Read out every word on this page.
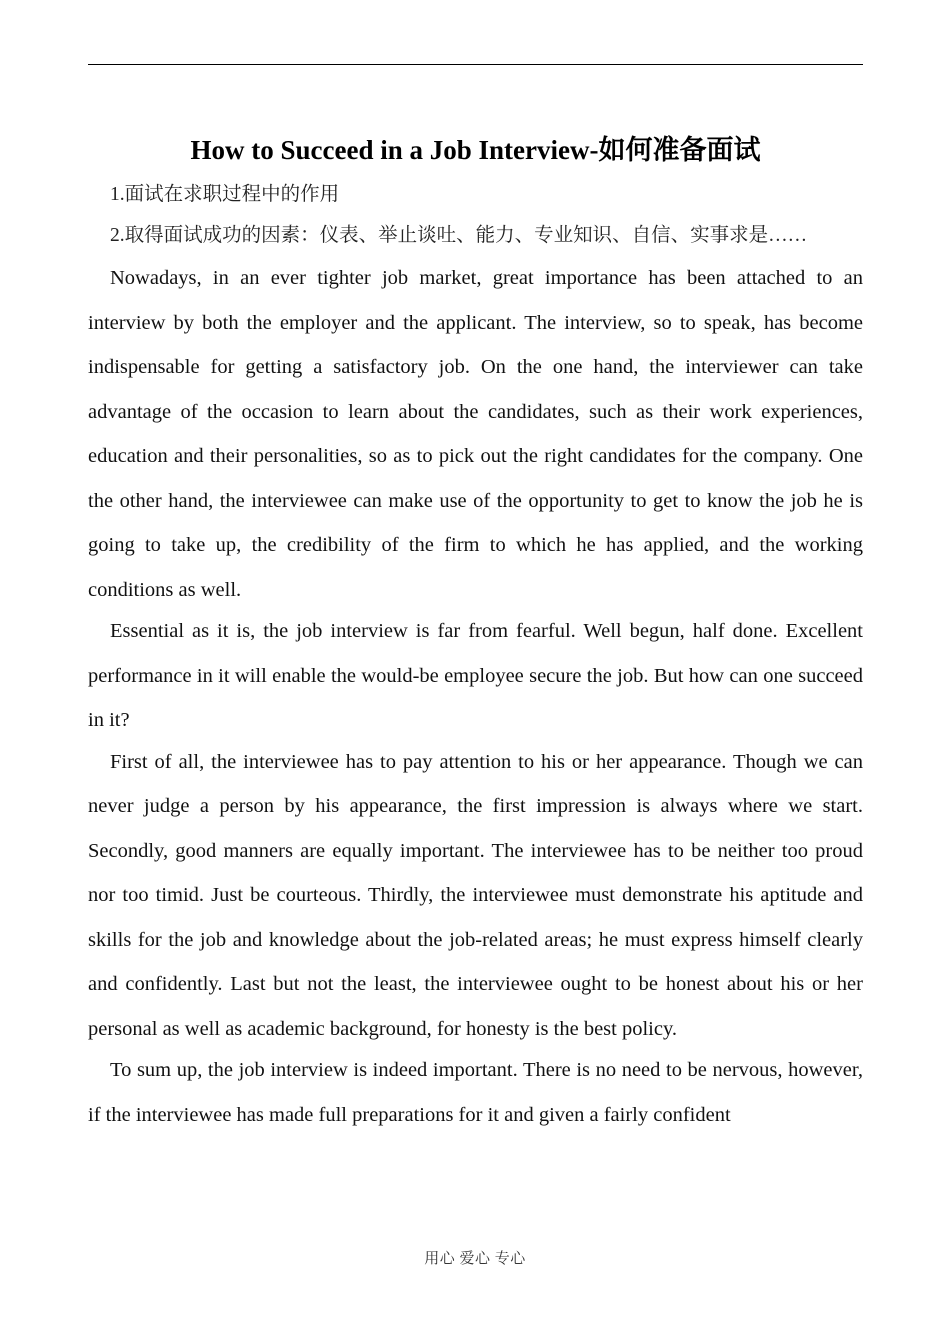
How to Succeed in a Job Interview-如何准备面试

1.面试在求职过程中的作用

2.取得面试成功的因素：仪表、举止谈吐、能力、专业知识、自信、实事求是……

Nowadays, in an ever tighter job market, great importance has been attached to an interview by both the employer and the applicant. The interview, so to speak, has become indispensable for getting a satisfactory job. On the one hand, the interviewer can take advantage of the occasion to learn about the candidates, such as their work experiences, education and their personalities, so as to pick out the right candidates for the company. One the other hand, the interviewee can make use of the opportunity to get to know the job he is going to take up, the credibility of the firm to which he has applied, and the working conditions as well.

Essential as it is, the job interview is far from fearful. Well begun, half done. Excellent performance in it will enable the would-be employee secure the job. But how can one succeed in it?

First of all, the interviewee has to pay attention to his or her appearance. Though we can never judge a person by his appearance, the first impression is always where we start. Secondly, good manners are equally important. The interviewee has to be neither too proud nor too timid. Just be courteous. Thirdly, the interviewee must demonstrate his aptitude and skills for the job and knowledge about the job-related areas; he must express himself clearly and confidently. Last but not the least, the interviewee ought to be honest about his or her personal as well as academic background, for honesty is the best policy.

To sum up, the job interview is indeed important. There is no need to be nervous, however, if the interviewee has made full preparations for it and given a fairly confident

用心 爱心 专心
